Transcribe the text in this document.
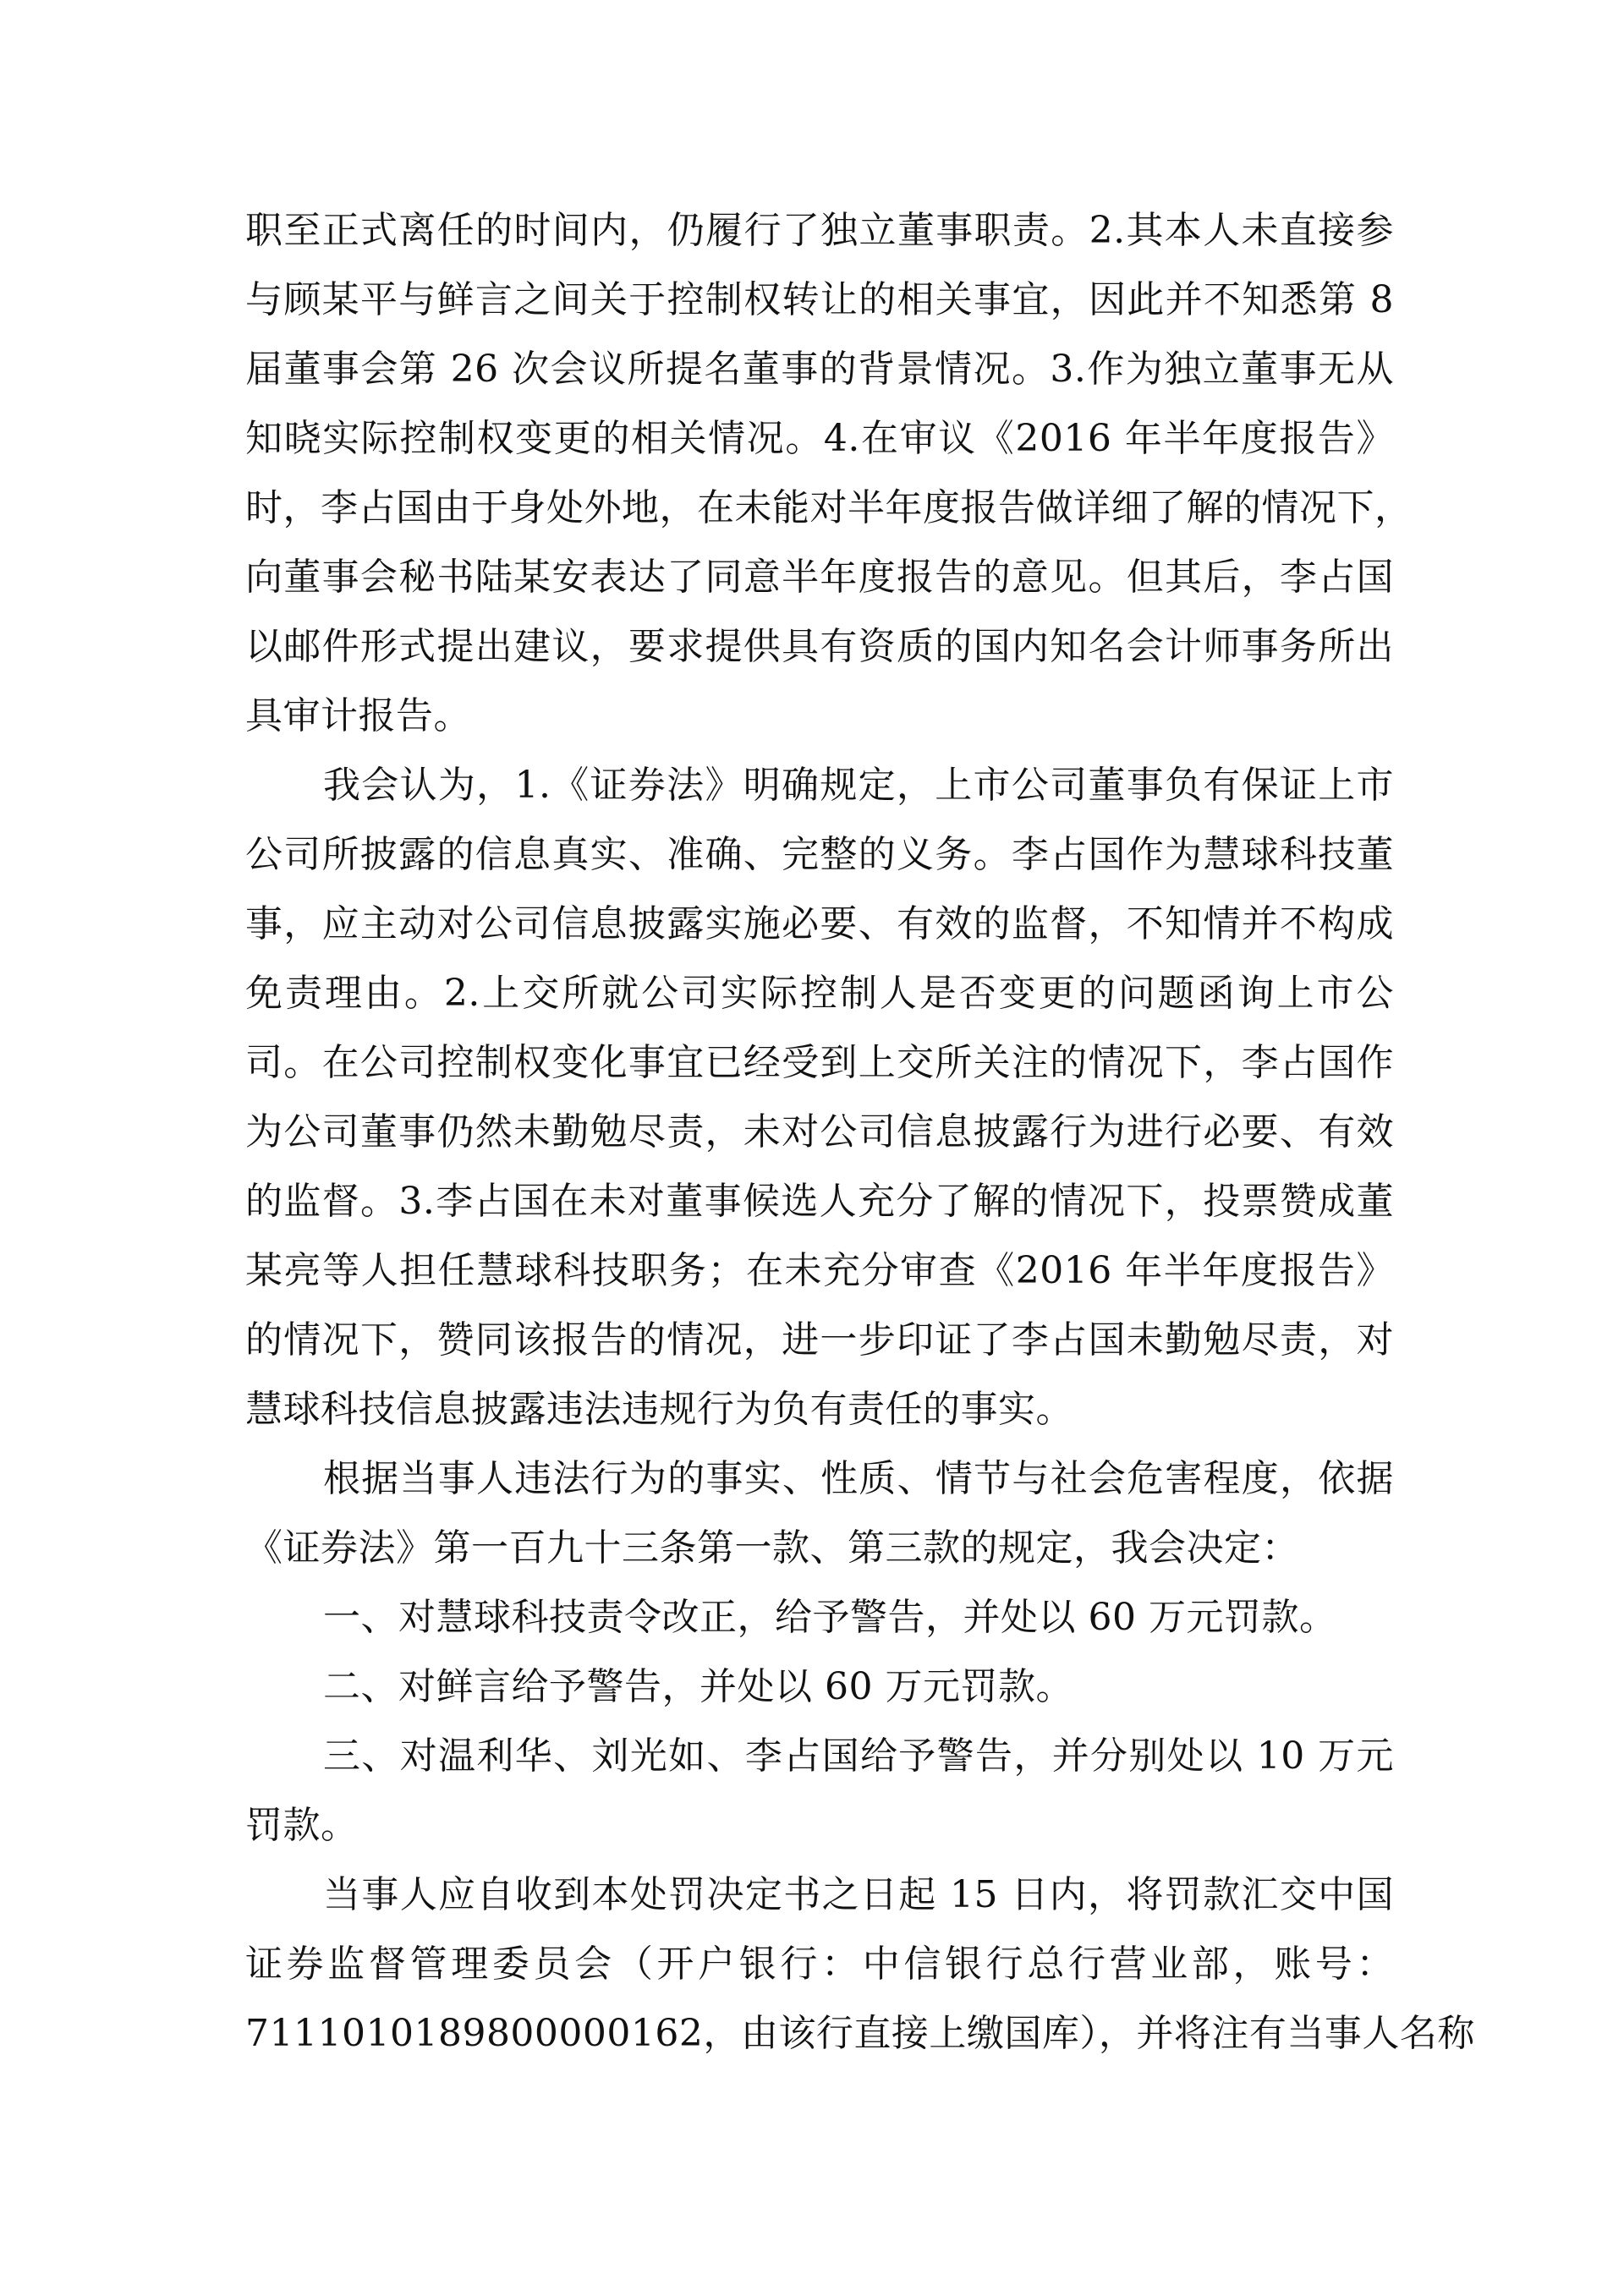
职至正式离任的时间内，仍履行了独立董事职责。2.其本人未直接参
与顾某平与鲜言之间关于控制权转让的相关事宜，因此并不知悉第 8
届董事会第 26 次会议所提名董事的背景情况。3.作为独立董事无从
知晓实际控制权变更的相关情况。4.在审议《2016 年半年度报告》
时，李占国由于身处外地，在未能对半年度报告做详细了解的情况下，
向董事会秘书陆某安表达了同意半年度报告的意见。但其后，李占国
以邮件形式提出建议，要求提供具有资质的国内知名会计师事务所出
具审计报告。
我会认为，1.《证券法》明确规定，上市公司董事负有保证上市
公司所披露的信息真实、准确、完整的义务。李占国作为慧球科技董
事，应主动对公司信息披露实施必要、有效的监督，不知情并不构成
免责理由。2.上交所就公司实际控制人是否变更的问题函询上市公
司。在公司控制权变化事宜已经受到上交所关注的情况下，李占国作
为公司董事仍然未勤勉尽责，未对公司信息披露行为进行必要、有效
的监督。3.李占国在未对董事候选人充分了解的情况下，投票赞成董
某亮等人担任慧球科技职务；在未充分审查《2016 年半年度报告》
的情况下，赞同该报告的情况，进一步印证了李占国未勤勉尽责，对
慧球科技信息披露违法违规行为负有责任的事实。
根据当事人违法行为的事实、性质、情节与社会危害程度，依据
《证券法》第一百九十三条第一款、第三款的规定，我会决定：
一、对慧球科技责令改正，给予警告，并处以 60 万元罚款。
二、对鲜言给予警告，并处以 60 万元罚款。
三、对温利华、刘光如、李占国给予警告，并分别处以 10 万元
罚款。
当事人应自收到本处罚决定书之日起 15 日内，将罚款汇交中国
证券监督管理委员会（开户银行：中信银行总行营业部，账号：
7111010189800000162，由该行直接上缴国库），并将注有当事人名称
